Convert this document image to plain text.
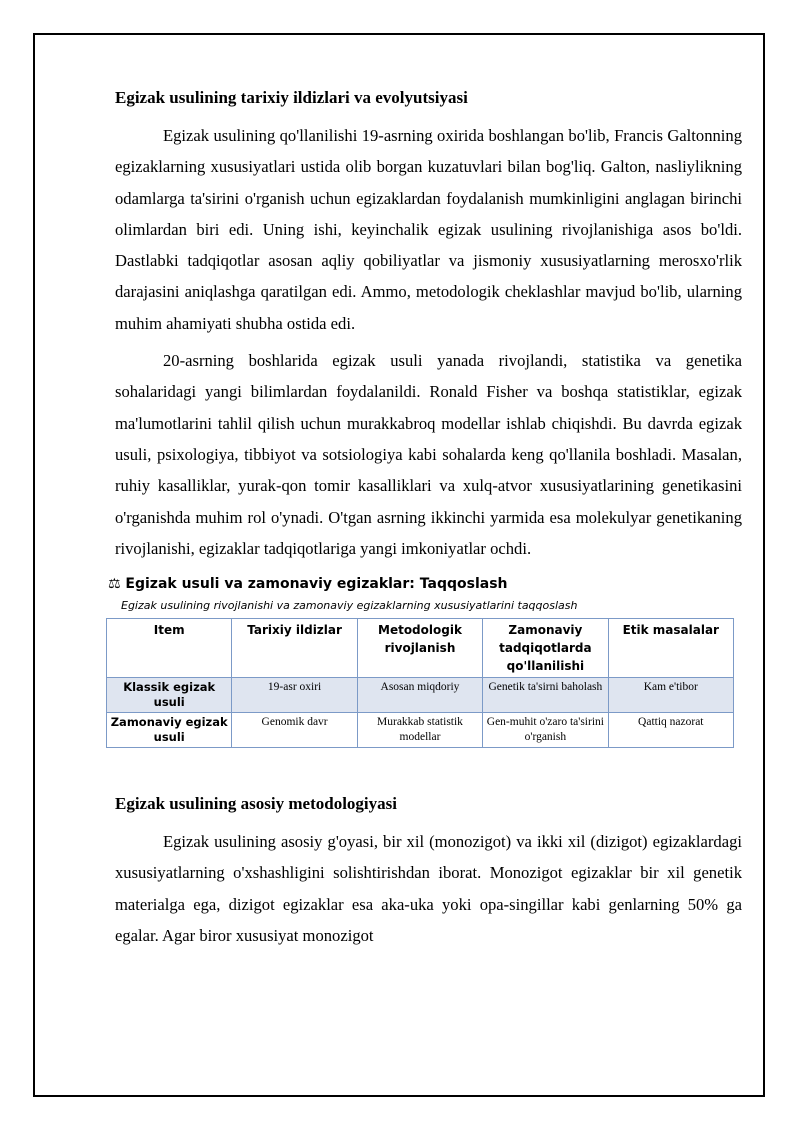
Egizak usulining tarixiy ildizlari va evolyutsiyasi

Egizak usulining qo'llanilishi 19-asrning oxirida boshlangan bo'lib, Francis Galtonning egizaklarning xususiyatlari ustida olib borgan kuzatuvlari bilan bog'liq. Galton, nasliylikning odamlarga ta'sirini o'rganish uchun egizaklardan foydalanish mumkinligini anglagan birinchi olimlardan biri edi. Uning ishi, keyinchalik egizak usulining rivojlanishiga asos bo'ldi. Dastlabki tadqiqotlar asosan aqliy qobiliyatlar va jismoniy xususiyatlarning merosxo'rlik darajasini aniqlashga qaratilgan edi. Ammo, metodologik cheklashlar mavjud bo'lib, ularning muhim ahamiyati shubha ostida edi.

20-asrning boshlarida egizak usuli yanada rivojlandi, statistika va genetika sohalaridagi yangi bilimlardan foydalanildi. Ronald Fisher va boshqa statistiklar, egizak ma'lumotlarini tahlil qilish uchun murakkabroq modellar ishlab chiqishdi. Bu davrda egizak usuli, psixologiya, tibbiyot va sotsiologiya kabi sohalarda keng qo'llanila boshladi. Masalan, ruhiy kasalliklar, yurak-qon tomir kasalliklari va xulq-atvor xususiyatlarining genetikasini o'rganishda muhim rol o'ynadi. O'tgan asrning ikkinchi yarmida esa molekulyar genetikaning rivojlanishi, egizaklar tadqiqotlariga yangi imkoniyatlar ochdi.

⚖ Egizak usuli va zamonaviy egizaklar: Taqqoslash
Egizak usulining rivojlanishi va zamonaviy egizaklarning xususiyatlarini taqqoslash
Item	Tarixiy ildizlar	Metodologik rivojlanish	Zamonaviy tadqiqotlarda qo'llanilishi	Etik masalalar
Klassik egizak usuli	19-asr oxiri	Asosan miqdoriy	Genetik ta'sirni baholash	Kam e'tibor
Zamonaviy egizak usuli	Genomik davr	Murakkab statistik modellar	Gen-muhit o'zaro ta'sirini o'rganish	Qattiq nazorat
Egizak usulining asosiy metodologiyasi

Egizak usulining asosiy g'oyasi, bir xil (monozigot) va ikki xil (dizigot) egizaklardagi xususiyatlarning o'xshashligini solishtirishdan iborat. Monozigot egizaklar bir xil genetik materialga ega, dizigot egizaklar esa aka-uka yoki opa-singillar kabi genlarning 50% ga egalar. Agar biror xususiyat monozigot
